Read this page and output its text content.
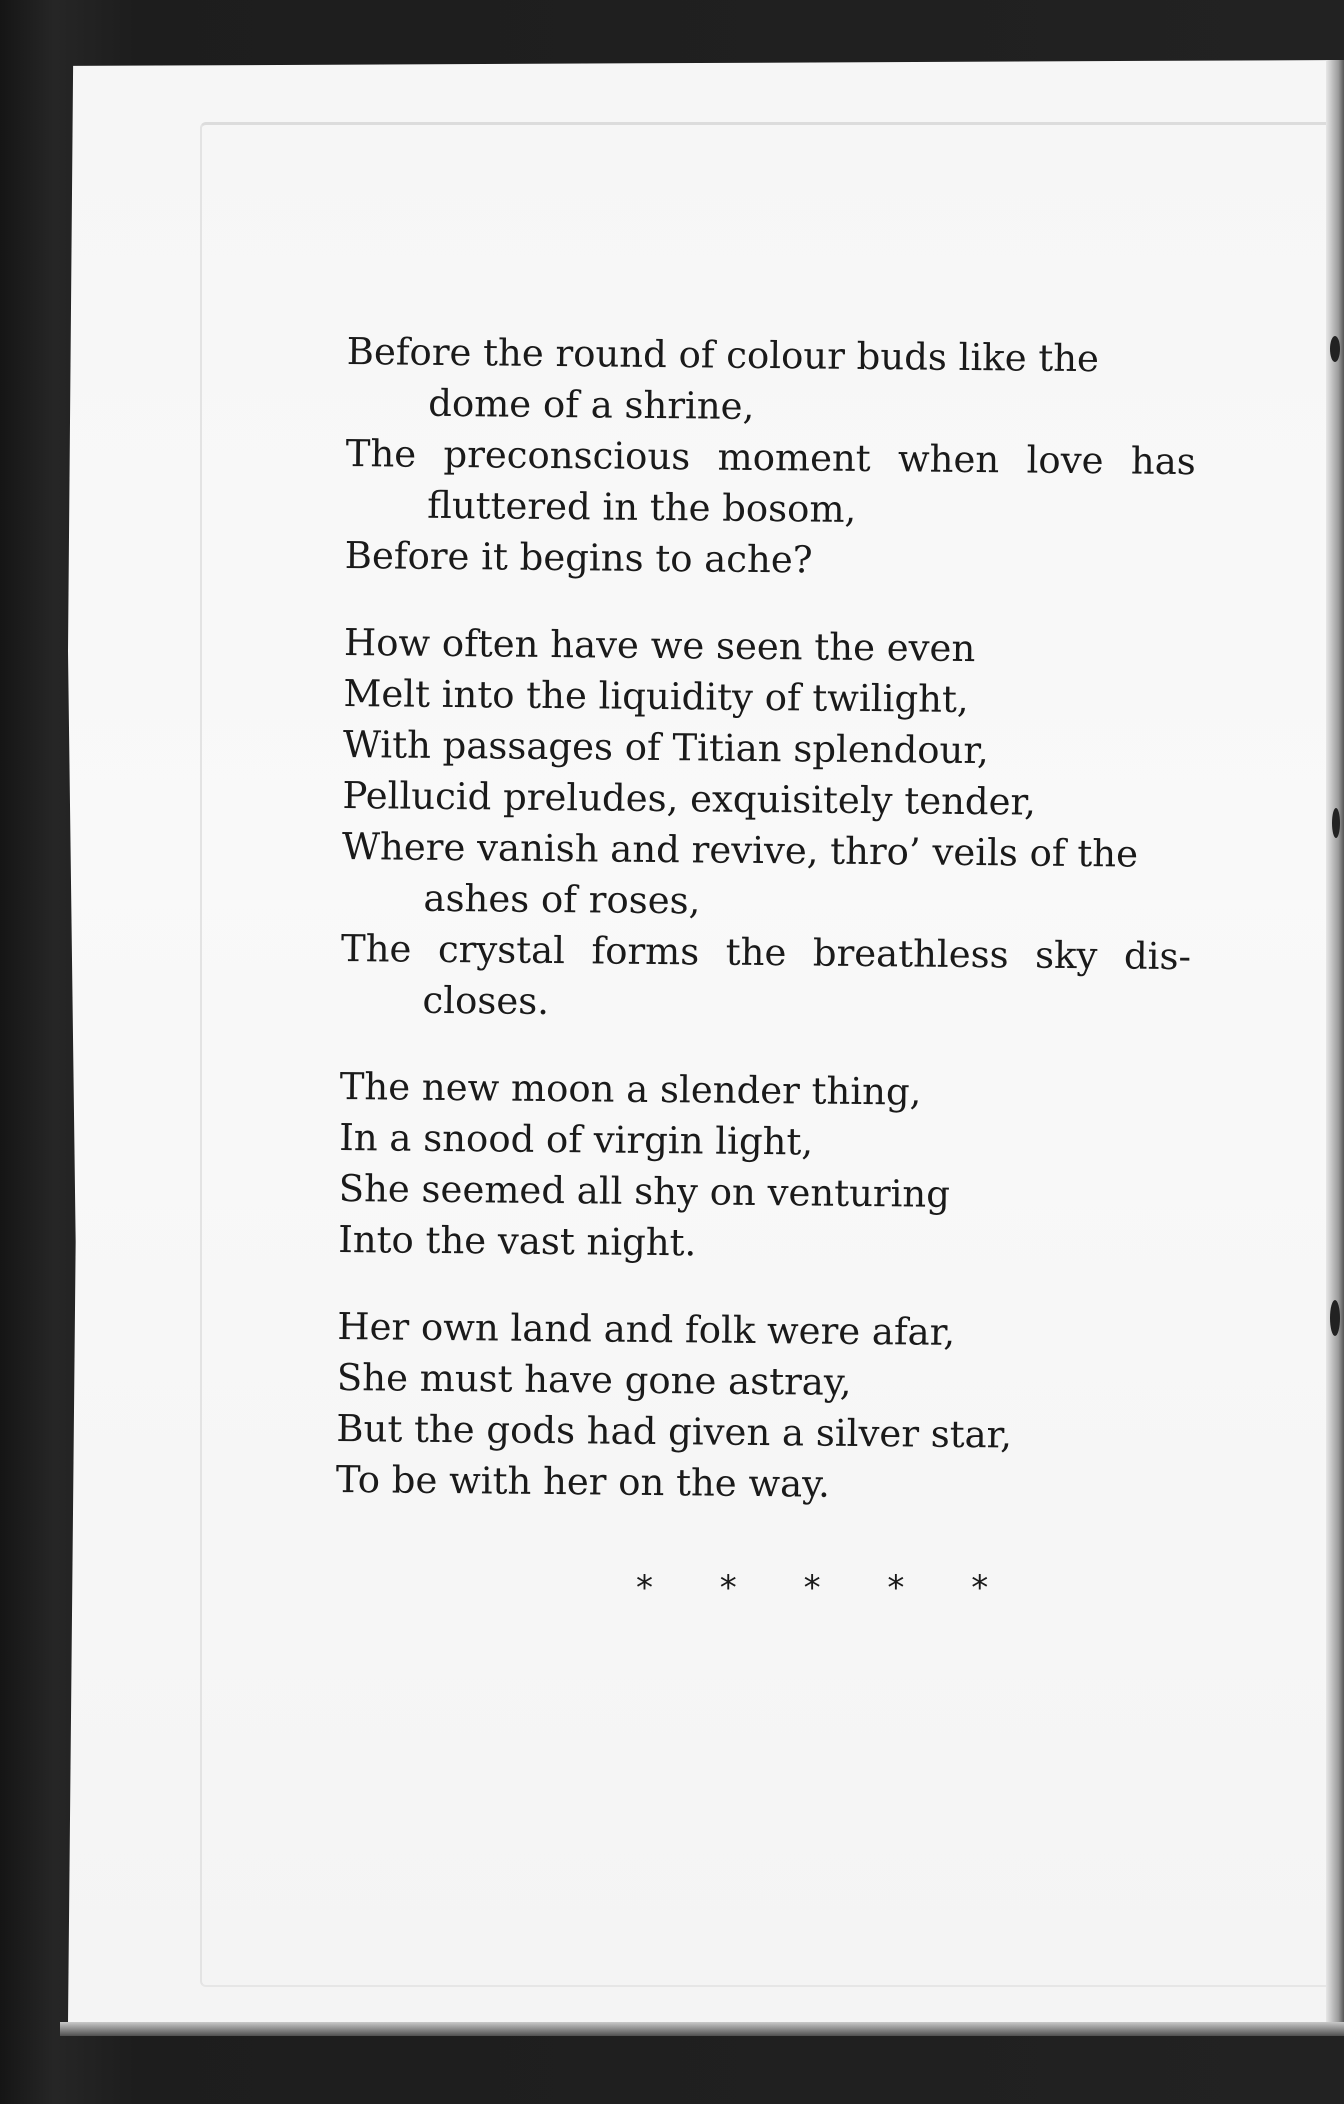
Before the round of colour buds like the dome of a shrine,
The preconscious moment when love has fluttered in the bosom,
Before it begins to ache?
How often have we seen the even
Melt into the liquidity of twilight,
With passages of Titian splendour,
Pellucid preludes, exquisitely tender,
Where vanish and revive, thro’ veils of the ashes of roses,
The crystal forms the breathless sky dis- closes.
The new moon a slender thing,
In a snood of virgin light,
She seemed all shy on venturing
Into the vast night.
Her own land and folk were afar,
She must have gone astray,
But the gods had given a silver star,
To be with her on the way.
* * * * *
